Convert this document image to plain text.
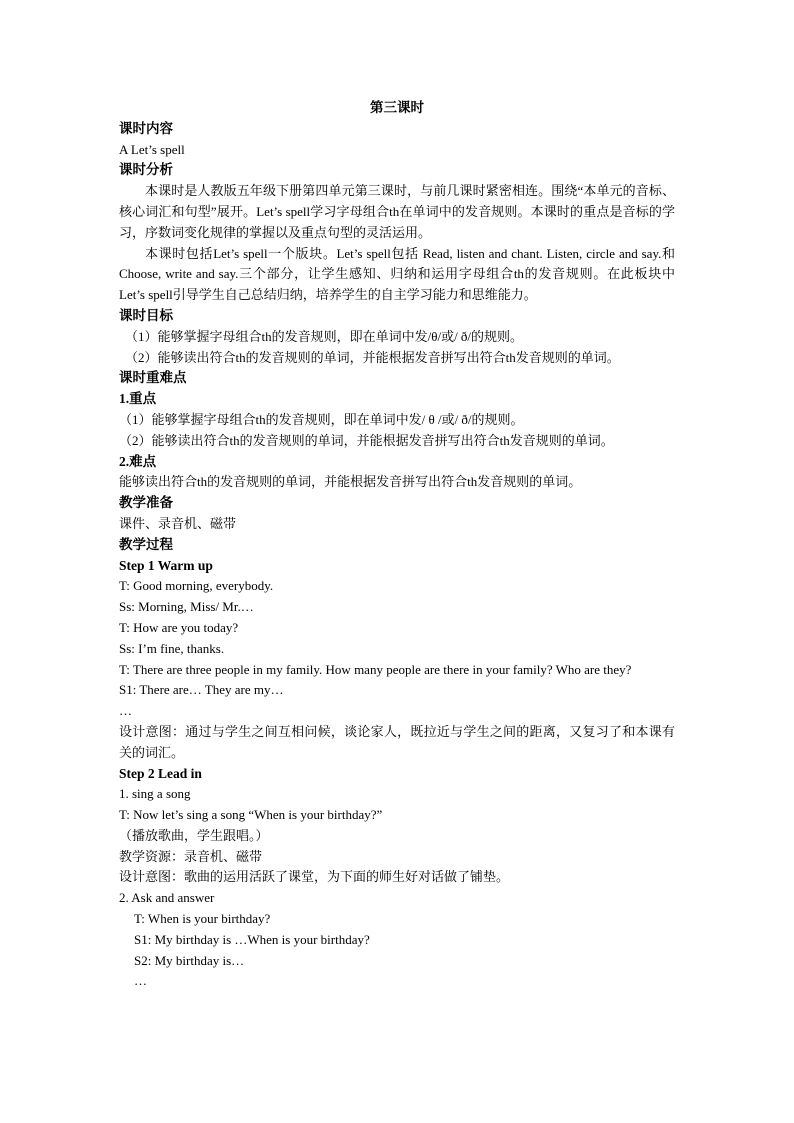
第三课时
课时内容
A Let’s spell
课时分析
本课时是人教版五年级下册第四单元第三课时，与前几课时紧密相连。围绕“本单元的音标、核心词汇和句型”展开。Let’s spell学习字母组合th在单词中的发音规则。本课时的重点是音标的学习，序数词变化规律的掌握以及重点句型的灵活运用。
本课时包括Let’s spell一个版块。Let’s spell包括 Read, listen and chant. Listen, circle and say.和Choose, write and say.三个部分，让学生感知、归纳和运用字母组合th的发音规则。在此板块中Let’s spell引导学生自己总结归纳，培养学生的自主学习能力和思维能力。
课时目标
（1）能够掌握字母组合th的发音规则，即在单词中发/θ/或/ ð/的规则。
（2）能够读出符合th的发音规则的单词，并能根据发音拼写出符合th发音规则的单词。
课时重难点
1.重点
（1）能够掌握字母组合th的发音规则，即在单词中发/ θ /或/ ð/的规则。
（2）能够读出符合th的发音规则的单词，并能根据发音拼写出符合th发音规则的单词。
2.难点
能够读出符合th的发音规则的单词，并能根据发音拼写出符合th发音规则的单词。
教学准备
课件、录音机、磁带
教学过程
Step 1 Warm up
T: Good morning, everybody.
Ss: Morning, Miss/ Mr.…
T: How are you today?
Ss: I’m fine, thanks.
T: There are three people in my family. How many people are there in your family? Who are they?
S1: There are… They are my…
…
设计意图：通过与学生之间互相问候，谈论家人，既拉近与学生之间的距离，又复习了和本课有关的词汇。
Step 2 Lead in
1. sing a song
T: Now let’s sing a song “When is your birthday?”
（播放歌曲，学生跟唱。）
教学资源：录音机、磁带
设计意图：歌曲的运用活跃了课堂，为下面的师生好对话做了铺垫。
2. Ask and answer
T: When is your birthday?
S1: My birthday is …When is your birthday?
S2: My birthday is…
…
